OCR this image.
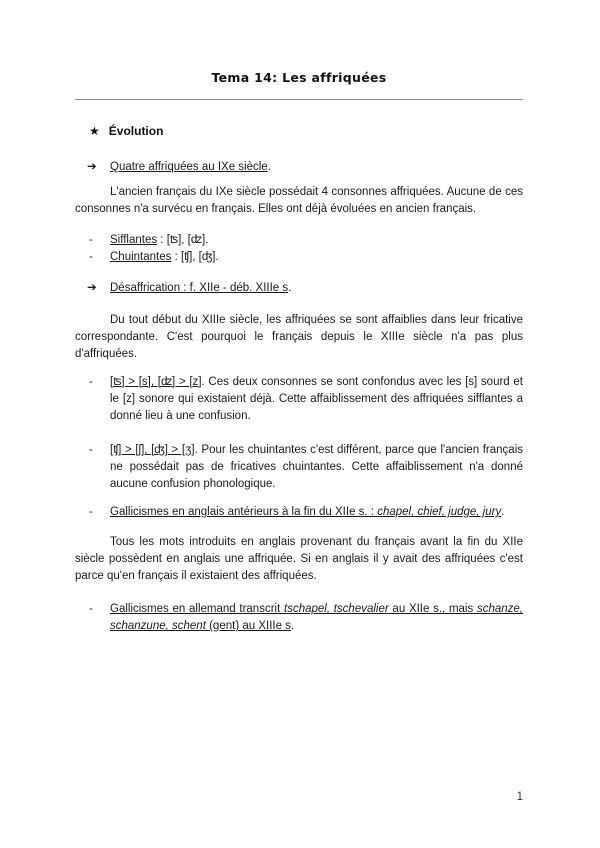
Tema 14: Les affriquées
★ Évolution
➔ Quatre affriquées au IXe siècle.

L'ancien français du IXe siècle possédait 4 consonnes affriquées. Aucune de ces consonnes n'a survécu en français. Elles ont déjà évoluées en ancien français.

- Sifflantes : [ʦ], [ʣ].
- Chuintantes : [ʧ], [ʤ].
➔ Désaffrication : f. XIIe - déb. XIIIe s.

Du tout début du XIIIe siècle, les affriquées se sont affaiblies dans leur fricative correspondante. C'est pourquoi le français depuis le XIIIe siècle n'a pas plus d'affriquées.

- [ʦ] > [s], [ʣ] > [z]. Ces deux consonnes se sont confondus avec les [s] sourd et le [z] sonore qui existaient déjà. Cette affaiblissement des affriquées sifflantes a donné lieu à une confusion.
- [ʧ] > [ʃ], [ʤ] > [ʒ]. Pour les chuintantes c'est différent, parce que l'ancien français ne possédait pas de fricatives chuintantes. Cette affaiblissement n'a donné aucune confusion phonologique.
- Gallicismes en anglais antérieurs à la fin du XIIe s. : chapel, chief, judge, jury.

Tous les mots introduits en anglais provenant du français avant la fin du XIIe siècle possèdent en anglais une affriquée. Si en anglais il y avait des affriquées c'est parce qu'en français il existaient des affriquées.

- Gallicismes en allemand transcrit tschapel, tschevalier au XIIe s., mais schanze, schanzune, schent (gent) au XIIIe s.
1
